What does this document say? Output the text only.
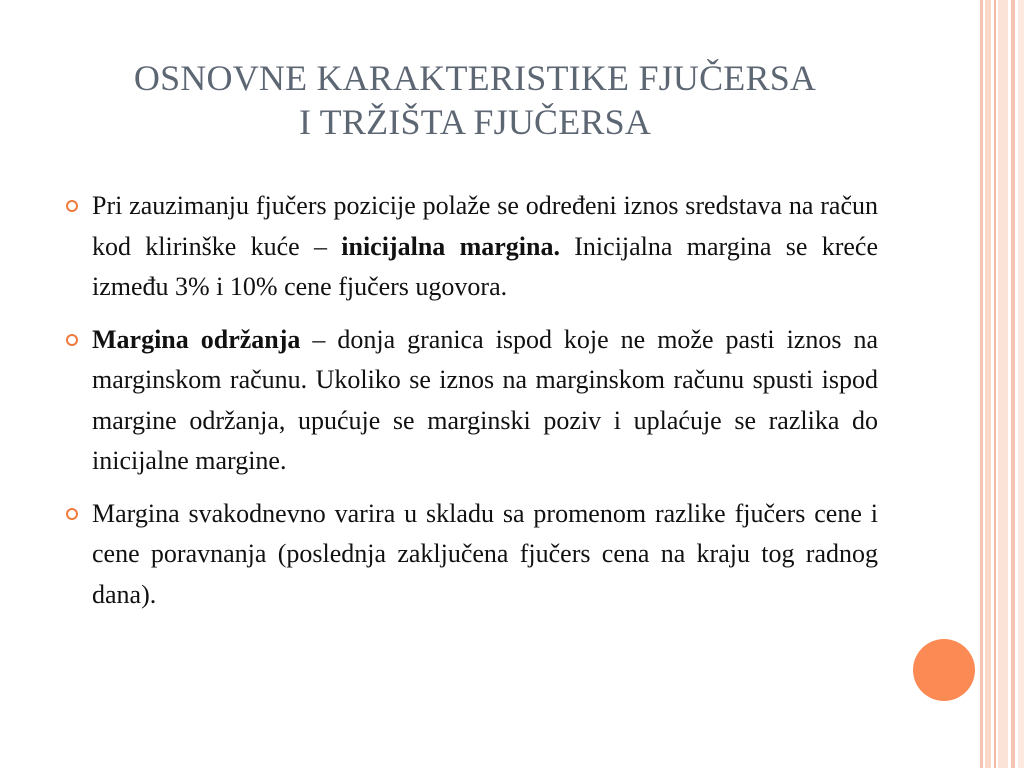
OSNOVNE KARAKTERISTIKE FJUČERSA
I TRŽIŠTA FJUČERSA
Pri zauzimanju fjučers pozicije polaže se određeni iznos sredstava na račun kod klirinške kuće – inicijalna margina. Inicijalna margina se kreće između 3% i 10% cene fjučers ugovora.
Margina održanja – donja granica ispod koje ne može pasti iznos na marginskom računu. Ukoliko se iznos na marginskom računu spusti ispod margine održanja, upućuje se marginski poziv i uplaćuje se razlika do inicijalne margine.
Margina svakodnevno varira u skladu sa promenom razlike fjučers cene i cene poravnanja (poslednja zaključena fjučers cena na kraju tog radnog dana).
